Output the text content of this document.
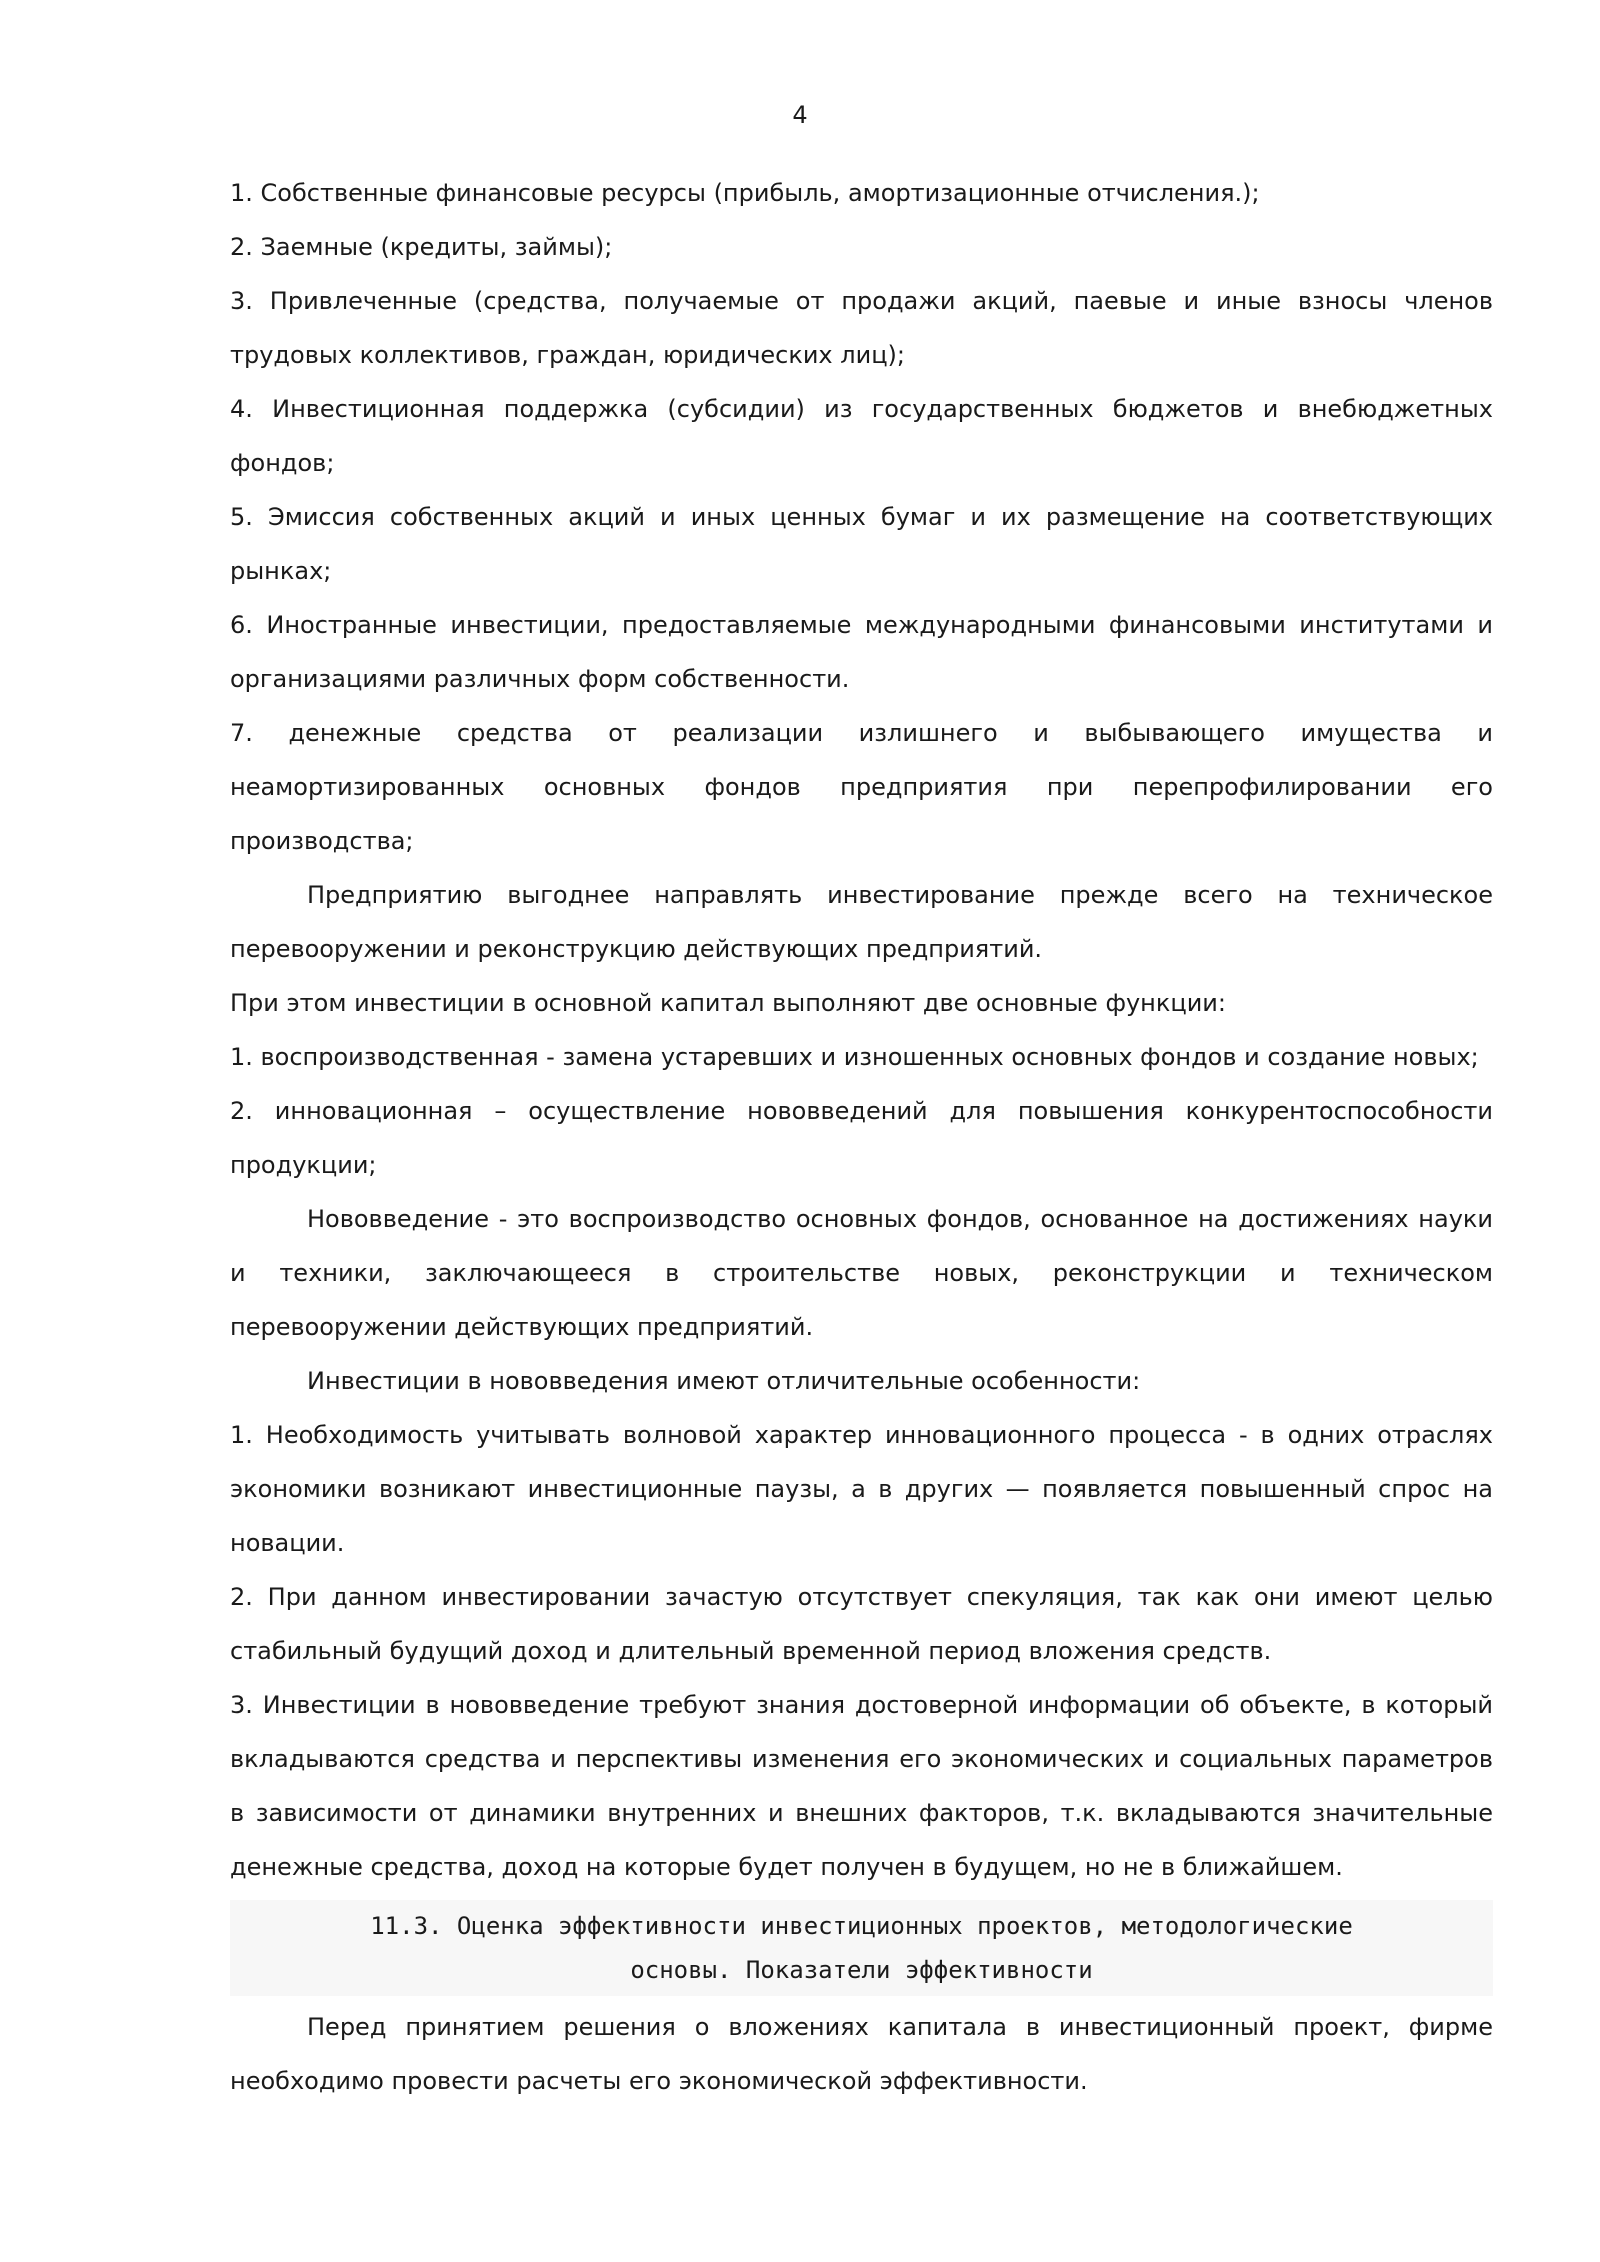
4

1. Собственные финансовые ресурсы (прибыль, амортизационные отчисления.);

2. Заемные (кредиты, займы);

3. Привлеченные (средства, получаемые от продажи акций, паевые и иные взносы членов трудовых коллективов, граждан, юридических лиц);

4. Инвестиционная поддержка (субсидии) из государственных бюджетов и внебюджетных фондов;

5. Эмиссия собственных акций и иных ценных бумаг и их размещение на соответствующих рынках;

6. Иностранные инвестиции, предоставляемые международными финансовыми институтами и организациями различных форм собственности.

7. денежные средства от реализации излишнего и выбывающего имущества и неамортизированных основных фондов предприятия при перепрофилировании его производства;

Предприятию выгоднее направлять инвестирование прежде всего на техническое перевооружении и реконструкцию действующих предприятий.

При этом инвестиции в основной капитал выполняют две основные функции:

1. воспроизводственная - замена устаревших и изношенных основных фондов и создание новых;

2. инновационная – осуществление нововведений для повышения конкурентоспособности продукции;

Нововведение - это воспроизводство основных фондов, основанное на достижениях науки и техники, заключающееся в строительстве новых, реконструкции и техническом перевооружении действующих предприятий.

Инвестиции в нововведения имеют отличительные особенности:

1. Необходимость учитывать волновой характер инновационного процесса - в одних отраслях экономики возникают инвестиционные паузы, а в других — появляется повышенный спрос на новации.

2. При данном инвестировании зачастую отсутствует спекуляция, так как они имеют целью стабильный будущий доход и длительный временной период вложения средств.

3. Инвестиции в нововведение требуют знания достоверной информации об объекте, в который вкладываются средства и перспективы изменения его экономических и социальных параметров в зависимости от динамики внутренних и внешних факторов, т.к. вкладываются значительные денежные средства, доход на которые будет получен в будущем, но не в ближайшем.

11.3. Оценка эффективности инвестиционных проектов, методологические
основы. Показатели эффективности

Перед принятием решения о вложениях капитала в инвестиционный проект, фирме необходимо провести расчеты его экономической эффективности.
